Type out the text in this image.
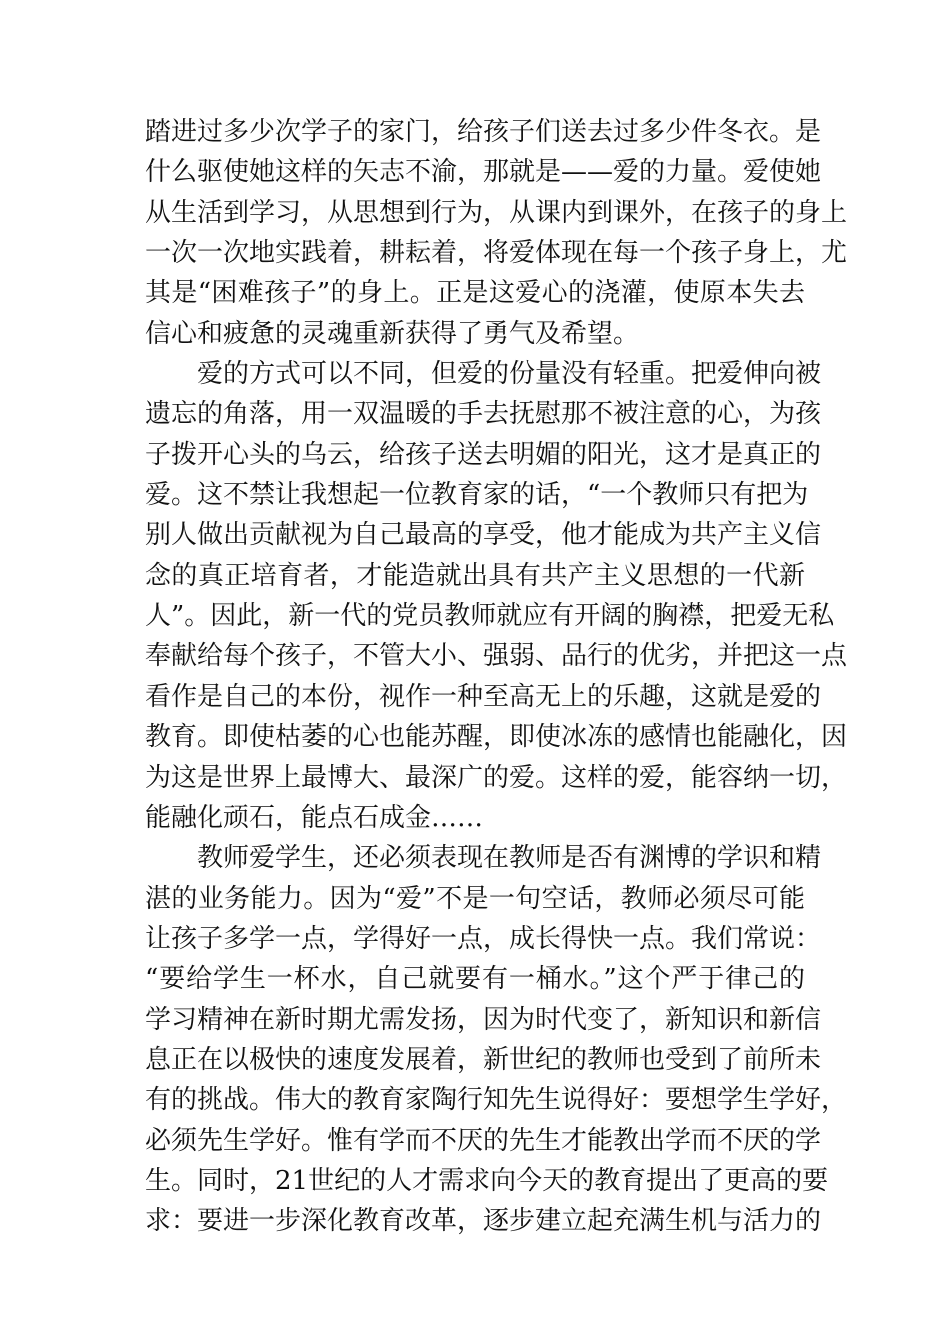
踏进过多少次学子的家门，给孩子们送去过多少件冬衣。是
什么驱使她这样的矢志不渝，那就是——爱的力量。爱使她
从生活到学习，从思想到行为，从课内到课外，在孩子的身上
一次一次地实践着，耕耘着，将爱体现在每一个孩子身上，尤
其是“困难孩子”的身上。正是这爱心的浇灌，使原本失去
信心和疲惫的灵魂重新获得了勇气及希望。
爱的方式可以不同，但爱的份量没有轻重。把爱伸向被
遗忘的角落，用一双温暖的手去抚慰那不被注意的心，为孩
子拨开心头的乌云，给孩子送去明媚的阳光，这才是真正的
爱。这不禁让我想起一位教育家的话，“一个教师只有把为
别人做出贡献视为自己最高的享受，他才能成为共产主义信
念的真正培育者，才能造就出具有共产主义思想的一代新
人”。因此，新一代的党员教师就应有开阔的胸襟，把爱无私
奉献给每个孩子，不管大小、强弱、品行的优劣，并把这一点
看作是自己的本份，视作一种至高无上的乐趣，这就是爱的
教育。即使枯萎的心也能苏醒，即使冰冻的感情也能融化，因
为这是世界上最博大、最深广的爱。这样的爱，能容纳一切，
能融化顽石，能点石成金……
教师爱学生，还必须表现在教师是否有渊博的学识和精
湛的业务能力。因为“爱”不是一句空话，教师必须尽可能
让孩子多学一点，学得好一点，成长得快一点。我们常说：
“要给学生一杯水，自己就要有一桶水。”这个严于律己的
学习精神在新时期尤需发扬，因为时代变了，新知识和新信
息正在以极快的速度发展着，新世纪的教师也受到了前所未
有的挑战。伟大的教育家陶行知先生说得好：要想学生学好，
必须先生学好。惟有学而不厌的先生才能教出学而不厌的学
生。同时，21世纪的人才需求向今天的教育提出了更高的要
求：要进一步深化教育改革，逐步建立起充满生机与活力的
